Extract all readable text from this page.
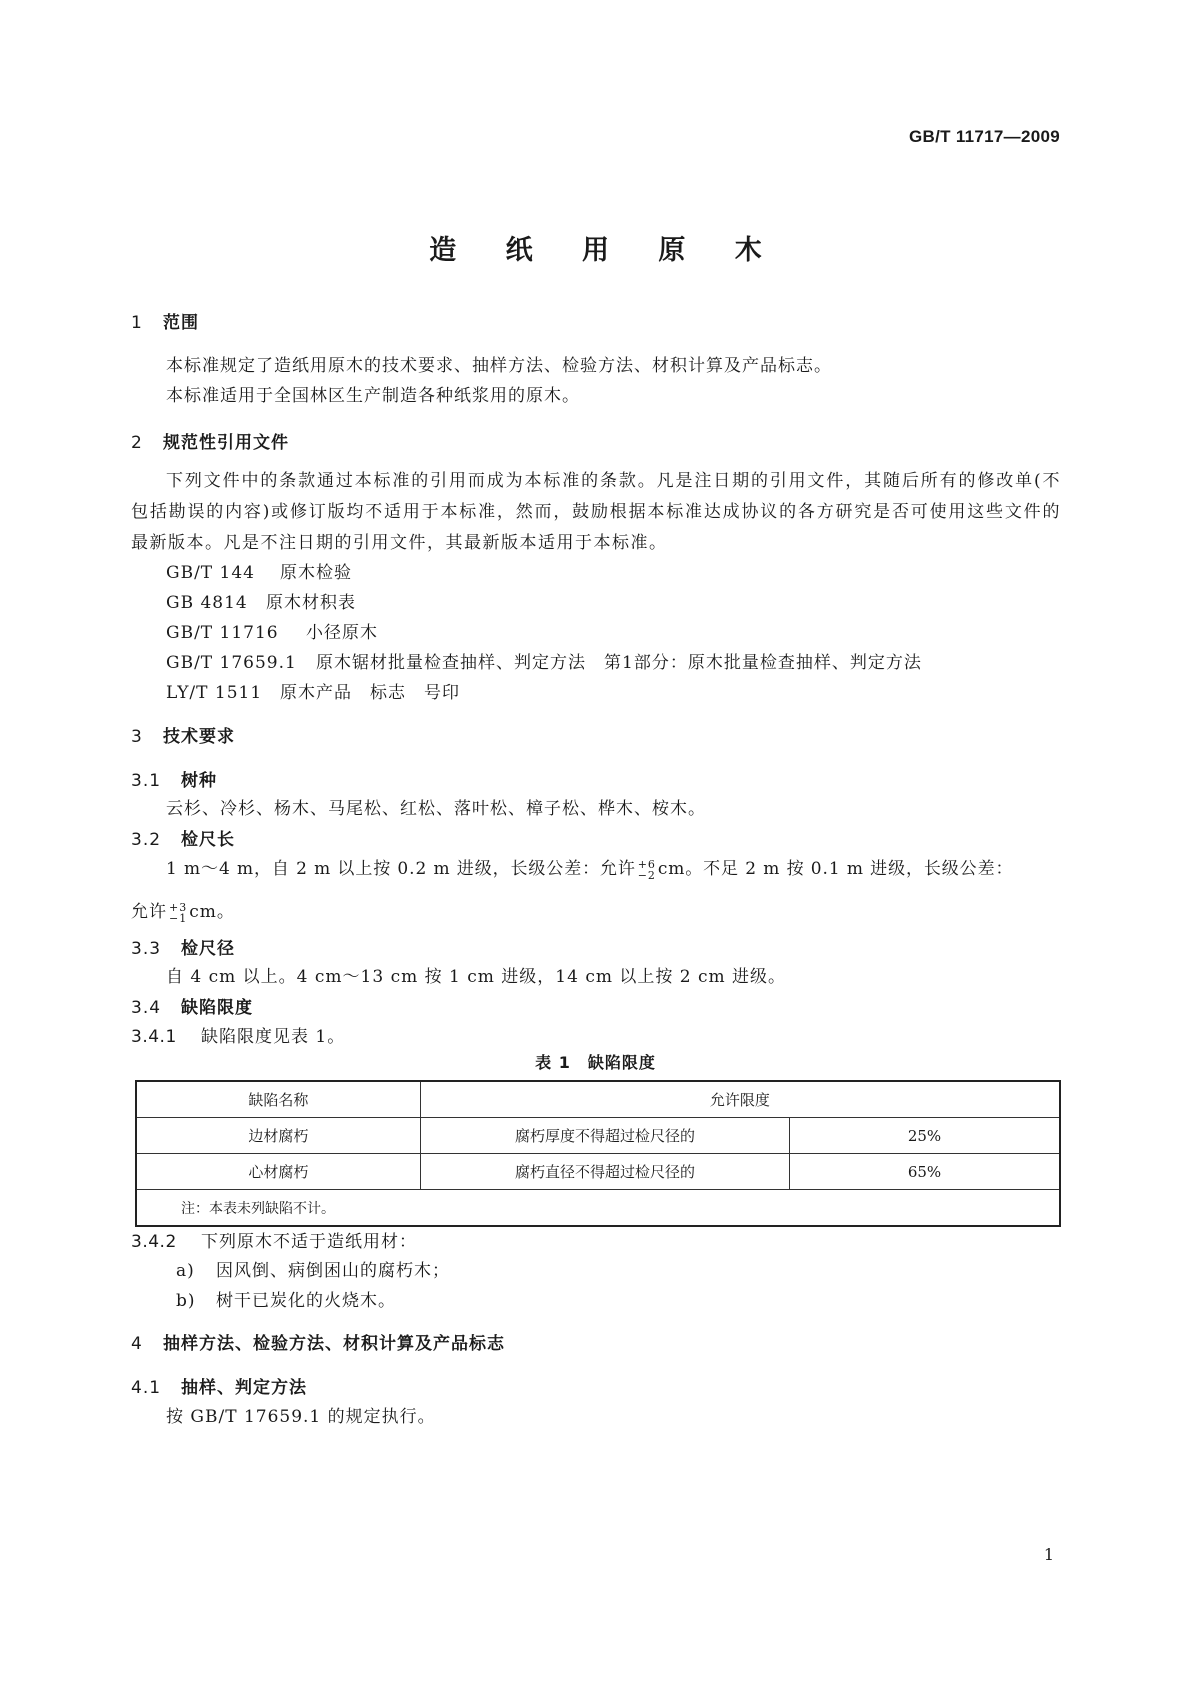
GB/T 11717—2009
造 纸 用 原 木
1 范围
本标准规定了造纸用原木的技术要求、抽样方法、检验方法、材积计算及产品标志。
本标准适用于全国林区生产制造各种纸浆用的原木。
2 规范性引用文件
下列文件中的条款通过本标准的引用而成为本标准的条款。凡是注日期的引用文件，其随后所有的修改单(不包括勘误的内容)或修订版均不适用于本标准，然而，鼓励根据本标准达成协议的各方研究是否可使用这些文件的最新版本。凡是不注日期的引用文件，其最新版本适用于本标准。
GB/T 144 原木检验
GB 4814 原木材积表
GB/T 11716 小径原木
GB/T 17659.1 原木锯材批量检查抽样、判定方法　第1部分：原木批量检查抽样、判定方法
LY/T 1511 原木产品　标志　号印
3 技术要求
3.1 树种
云杉、冷杉、杨木、马尾松、红松、落叶松、樟子松、桦木、桉木。
3.2 检尺长
1 m～4 m，自 2 m 以上按 0.2 m 进级，长级公差：允许 +6
−2 cm。不足 2 m 按 0.1 m 进级，长级公差：
允许 +3
−1 cm。
3.3 检尺径
自 4 cm 以上。4 cm～13 cm 按 1 cm 进级，14 cm 以上按 2 cm 进级。
3.4 缺陷限度
3.4.1 缺陷限度见表 1。
表 1　缺陷限度
缺陷名称	允许限度	
边材腐朽	腐朽厚度不得超过检尺径的	25%
心材腐朽	腐朽直径不得超过检尺径的	65%
注：本表未列缺陷不计。		
3.4.2 下列原木不适于造纸用材：
a) 因风倒、病倒困山的腐朽木；
b) 树干已炭化的火烧木。
4 抽样方法、检验方法、材积计算及产品标志
4.1 抽样、判定方法
按 GB/T 17659.1 的规定执行。
1
